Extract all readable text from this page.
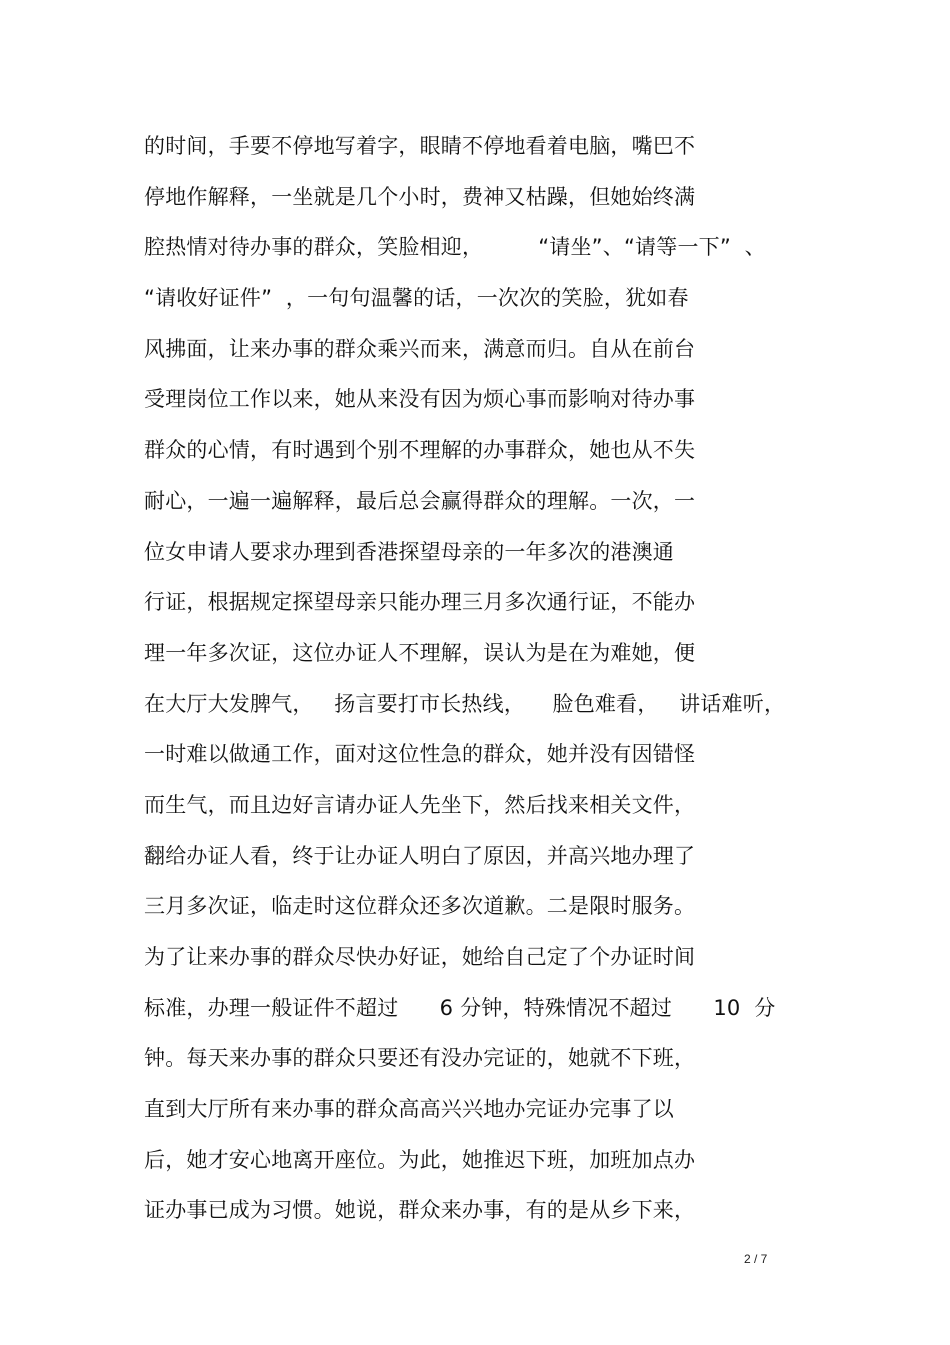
的时间，手要不停地写着字，眼睛不停地看着电脑，嘴巴不
停地作解释，一坐就是几个小时，费神又枯躁，但她始终满
腔热情对待办事的群众，笑脸相迎，        “请坐”、“请等一下”  、
“请收好证件”  ，一句句温馨的话，一次次的笑脸，犹如春
风拂面，让来办事的群众乘兴而来，满意而归。自从在前台
受理岗位工作以来，她从来没有因为烦心事而影响对待办事
群众的心情，有时遇到个别不理解的办事群众，她也从不失
耐心，一遍一遍解释，最后总会赢得群众的理解。一次，一
位女申请人要求办理到香港探望母亲的一年多次的港澳通
行证，根据规定探望母亲只能办理三月多次通行证，不能办
理一年多次证，这位办证人不理解，误认为是在为难她，便
在大厅大发脾气，   扬言要打市长热线，    脸色难看，   讲话难听，
一时难以做通工作，面对这位性急的群众，她并没有因错怪
而生气，而且边好言请办证人先坐下，然后找来相关文件，
翻给办证人看，终于让办证人明白了原因，并高兴地办理了
三月多次证，临走时这位群众还多次道歉。二是限时服务。
为了让来办事的群众尽快办好证，她给自己定了个办证时间
标准，办理一般证件不超过      6 分钟，特殊情况不超过      10  分
钟。每天来办事的群众只要还有没办完证的，她就不下班，
直到大厅所有来办事的群众高高兴兴地办完证办完事了以
后，她才安心地离开座位。为此，她推迟下班，加班加点办
证办事已成为习惯。她说，群众来办事，有的是从乡下来，
2 / 7
